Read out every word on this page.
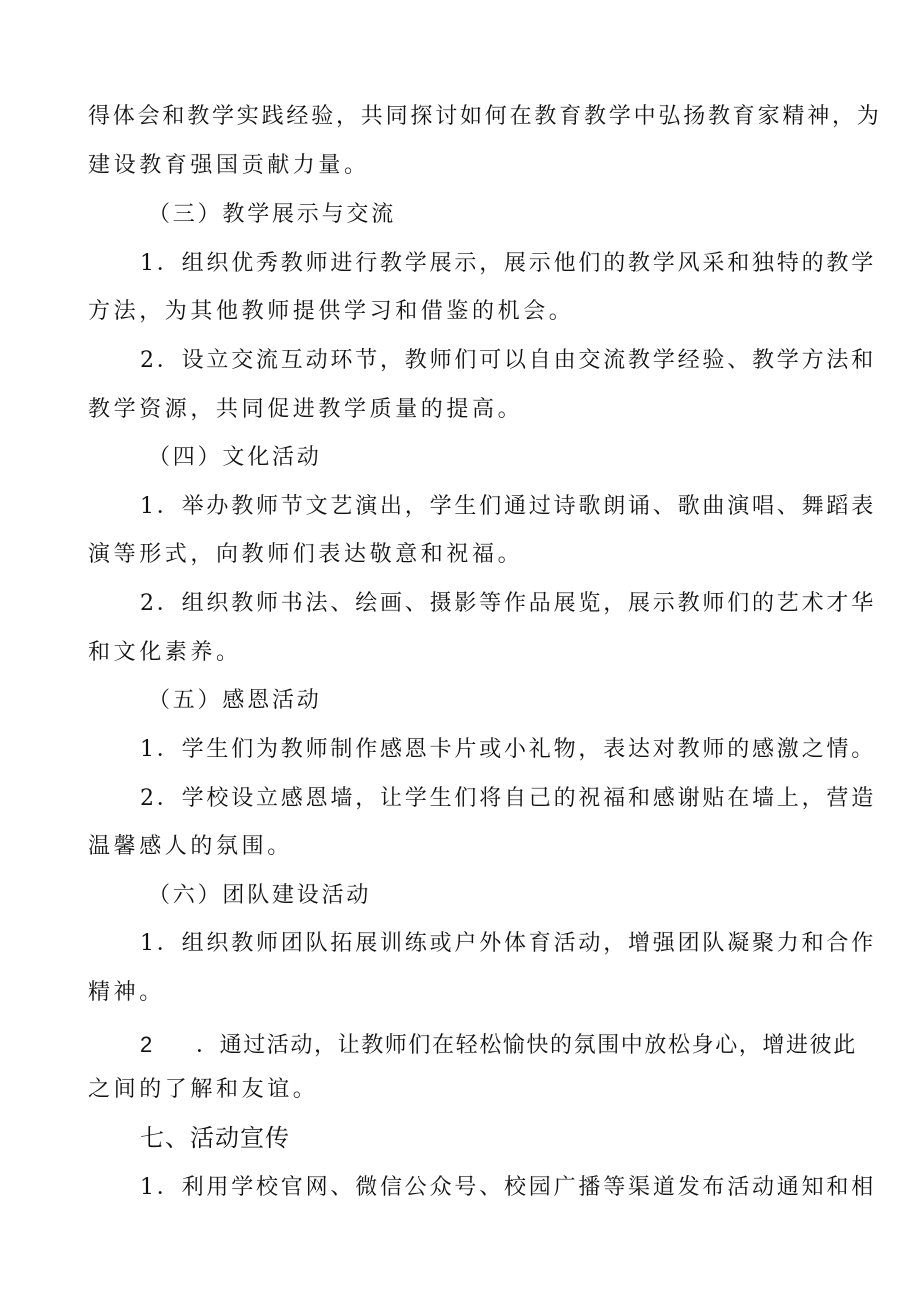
得体会和教学实践经验，共同探讨如何在教育教学中弘扬教育家精神，为
建设教育强国贡献力量。
（三）教学展示与交流
1．组织优秀教师进行教学展示，展示他们的教学风采和独特的教学
方法，为其他教师提供学习和借鉴的机会。
2．设立交流互动环节，教师们可以自由交流教学经验、教学方法和
教学资源，共同促进教学质量的提高。
（四）文化活动
1．举办教师节文艺演出，学生们通过诗歌朗诵、歌曲演唱、舞蹈表
演等形式，向教师们表达敬意和祝福。
2．组织教师书法、绘画、摄影等作品展览，展示教师们的艺术才华
和文化素养。
（五）感恩活动
1．学生们为教师制作感恩卡片或小礼物，表达对教师的感激之情。
2．学校设立感恩墙，让学生们将自己的祝福和感谢贴在墙上，营造
温馨感人的氛围。
（六）团队建设活动
1．组织教师团队拓展训练或户外体育活动，增强团队凝聚力和合作
精神。
2 ．通过活动，让教师们在轻松愉快的氛围中放松身心，增进彼此
之间的了解和友谊。
七、活动宣传
1．利用学校官网、微信公众号、校园广播等渠道发布活动通知和相
